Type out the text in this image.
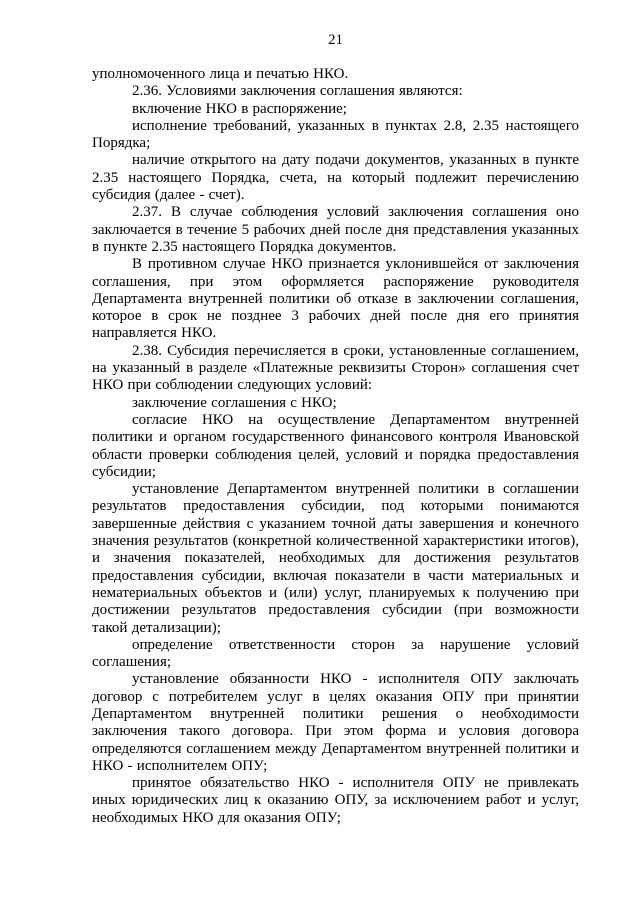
21

уполномоченного лица и печатью НКО.

2.36. Условиями заключения соглашения являются:

включение НКО в распоряжение;

исполнение требований, указанных в пунктах 2.8, 2.35 настоящего Порядка;

наличие открытого на дату подачи документов, указанных в пункте 2.35 настоящего Порядка, счета, на который подлежит перечислению субсидия (далее - счет).

2.37. В случае соблюдения условий заключения соглашения оно заключается в течение 5 рабочих дней после дня представления указанных в пункте 2.35 настоящего Порядка документов.

В противном случае НКО признается уклонившейся от заключения соглашения, при этом оформляется распоряжение руководителя Департамента внутренней политики об отказе в заключении соглашения, которое в срок не позднее 3 рабочих дней после дня его принятия направляется НКО.

2.38. Субсидия перечисляется в сроки, установленные соглашением, на указанный в разделе «Платежные реквизиты Сторон» соглашения счет НКО при соблюдении следующих условий:

заключение соглашения с НКО;

согласие НКО на осуществление Департаментом внутренней политики и органом государственного финансового контроля Ивановской области проверки соблюдения целей, условий и порядка предоставления субсидии;

установление Департаментом внутренней политики в соглашении результатов предоставления субсидии, под которыми понимаются завершенные действия с указанием точной даты завершения и конечного значения результатов (конкретной количественной характеристики итогов), и значения показателей, необходимых для достижения результатов предоставления субсидии, включая показатели в части материальных и нематериальных объектов и (или) услуг, планируемых к получению при достижении результатов предоставления субсидии (при возможности такой детализации);

определение ответственности сторон за нарушение условий соглашения;

установление обязанности НКО - исполнителя ОПУ заключать договор с потребителем услуг в целях оказания ОПУ при принятии Департаментом внутренней политики решения о необходимости заключения такого договора. При этом форма и условия договора определяются соглашением между Департаментом внутренней политики и НКО - исполнителем ОПУ;

принятое обязательство НКО - исполнителя ОПУ не привлекать иных юридических лиц к оказанию ОПУ, за исключением работ и услуг, необходимых НКО для оказания ОПУ;
